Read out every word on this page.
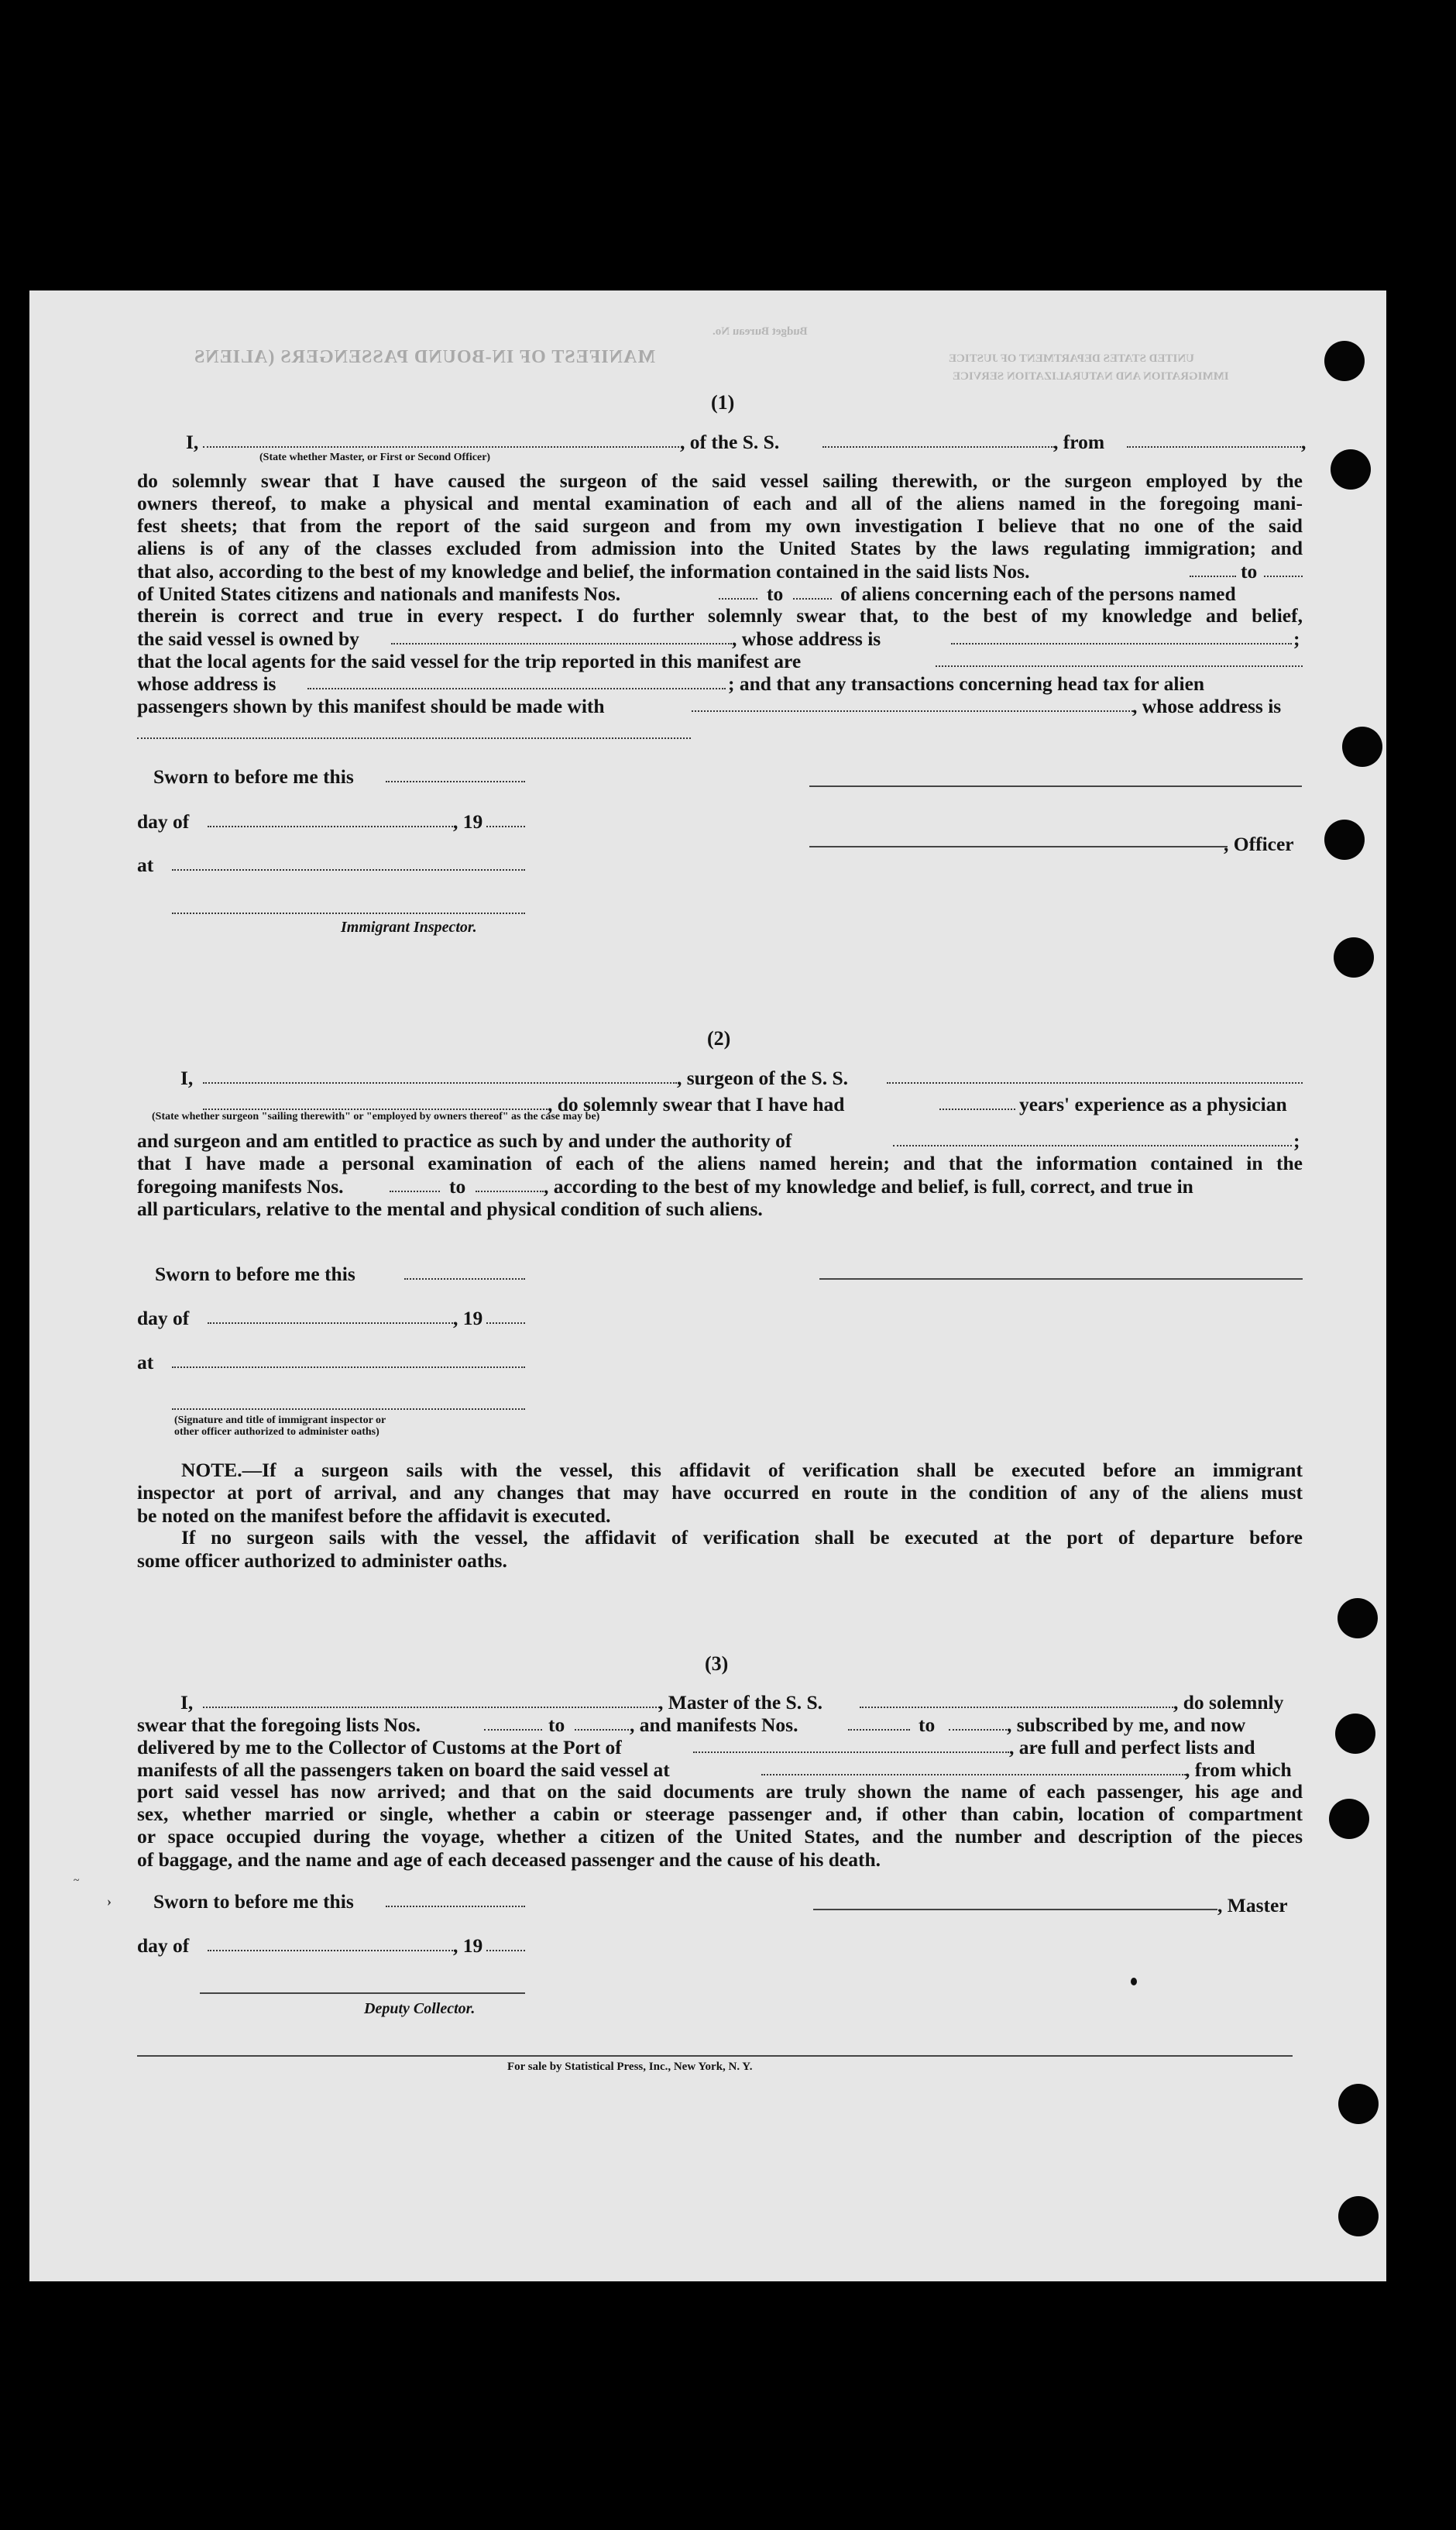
MANIFEST OF IN-BOUND PASSENGERS (ALIENS
Budget Bureau No.
UNITED STATES DEPARTMENT OF JUSTICE
IMMIGRATION AND NATURALIZATION SERVICE
(1)
I,	, of the S. S.	, from	,
(State whether Master, or First or Second Officer)
do solemnly swear that I have caused the surgeon of the said vessel sailing therewith, or the surgeon employed by the
owners thereof, to make a physical and mental examination of each and all of the aliens named in the foregoing mani-
fest sheets; that from the report of the said surgeon and from my own investigation I believe that no one of the said
aliens is of any of the classes excluded from admission into the United States by the laws regulating immigration; and
that also, according to the best of my knowledge and belief, the information contained in the said lists Nos.	to
of United States citizens and nationals and manifests Nos.	to	of aliens concerning each of the persons named
therein is correct and true in every respect. I do further solemnly swear that, to the best of my knowledge and belief,
the said vessel is owned by	, whose address is	;
that the local agents for the said vessel for the trip reported in this manifest are
whose address is	; and that any transactions concerning head tax for alien
passengers shown by this manifest should be made with	, whose address is
Sworn to before me this
day of	, 19
, Officer
at
Immigrant Inspector.
(2)
I,	, surgeon of the S. S.
, do solemnly swear that I have had	years' experience as a physician
(State whether surgeon "sailing therewith" or "employed by owners thereof" as the case may be)
and surgeon and am entitled to practice as such by and under the authority of	;
that I have made a personal examination of each of the aliens named herein; and that the information contained in the
foregoing manifests Nos.	to	, according to the best of my knowledge and belief, is full, correct, and true in
all particulars, relative to the mental and physical condition of such aliens.
Sworn to before me this
day of	, 19
at
(Signature and title of immigrant inspector or
other officer authorized to administer oaths)
NOTE.—If a surgeon sails with the vessel, this affidavit of verification shall be executed before an immigrant
inspector at port of arrival, and any changes that may have occurred en route in the condition of any of the aliens must
be noted on the manifest before the affidavit is executed.
If no surgeon sails with the vessel, the affidavit of verification shall be executed at the port of departure before
some officer authorized to administer oaths.
(3)
I,	, Master of the S. S.	, do solemnly
swear that the foregoing lists Nos.	to	, and manifests Nos.	to	, subscribed by me, and now
delivered by me to the Collector of Customs at the Port of	, are full and perfect lists and
manifests of all the passengers taken on board the said vessel at	, from which
port said vessel has now arrived; and that on the said documents are truly shown the name of each passenger, his age and
sex, whether married or single, whether a cabin or steerage passenger and, if other than cabin, location of compartment
or space occupied during the voyage, whether a citizen of the United States, and the number and description of the pieces
of baggage, and the name and age of each deceased passenger and the cause of his death.
›
~
Sworn to before me this	, Master
day of	, 19
Deputy Collector.
For sale by Statistical Press, Inc., New York, N. Y.
